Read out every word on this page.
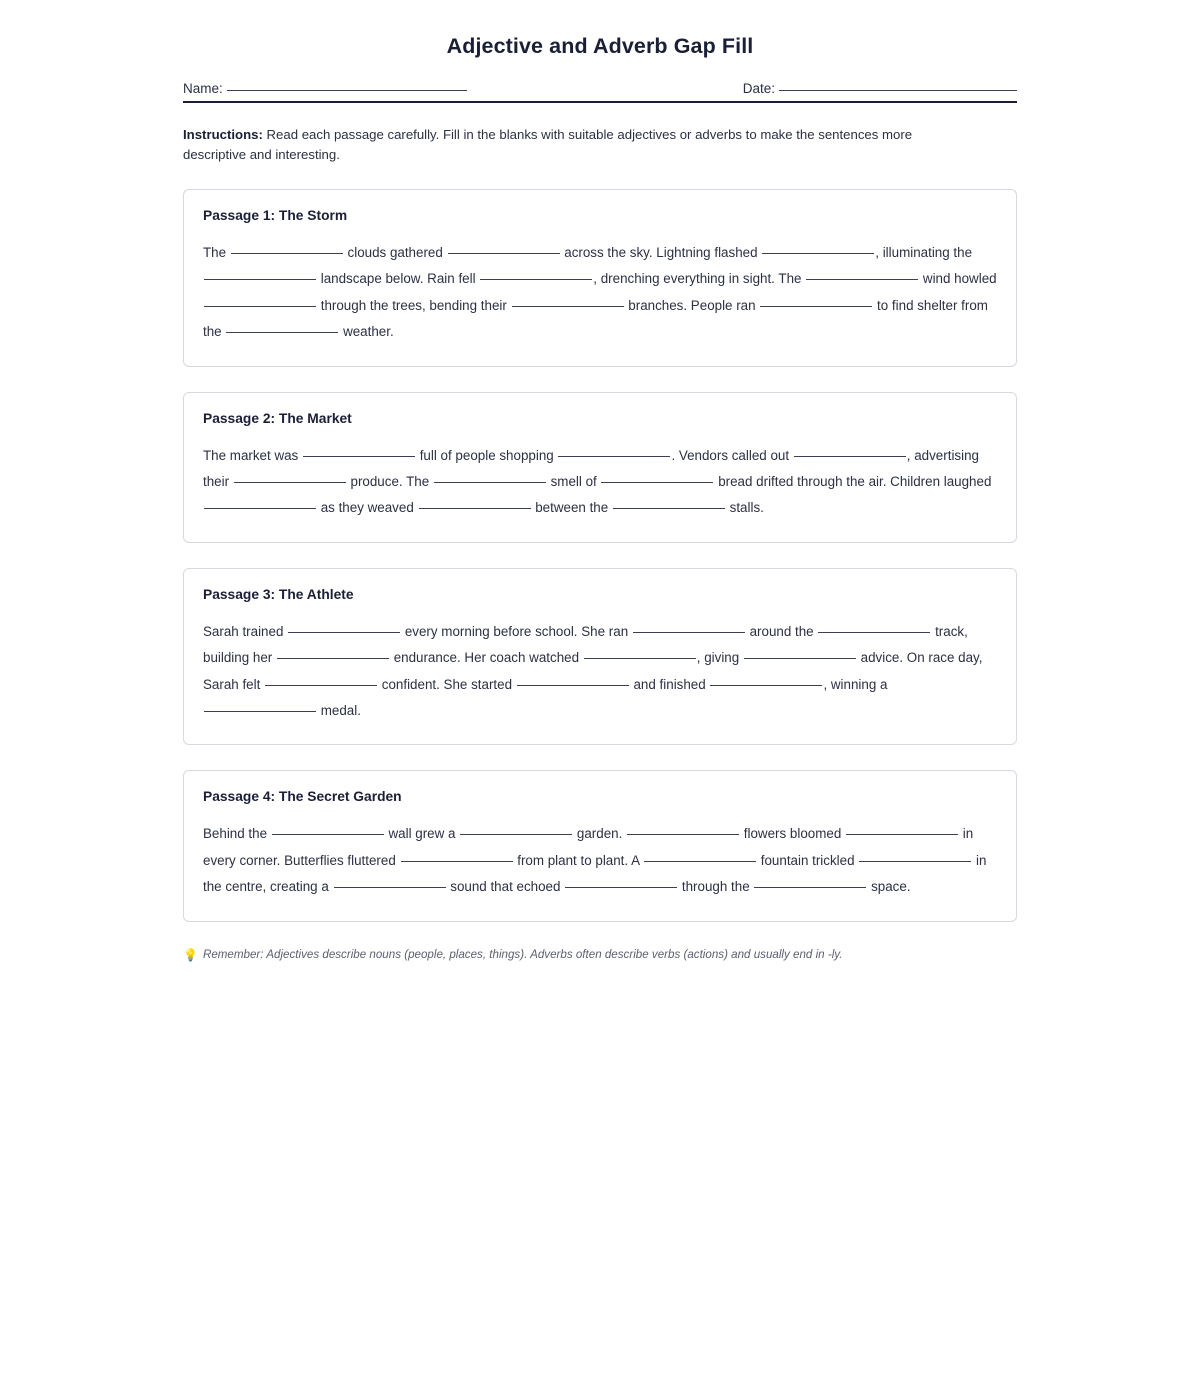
Adjective and Adverb Gap Fill
Name:	Date:

Instructions: Read each passage carefully. Fill in the blanks with suitable adjectives or adverbs to make the sentences more descriptive and interesting.

Passage 1: The Storm
The	clouds gathered	across the sky. Lightning flashed	, illuminating the  landscape below. Rain fell	, drenching everything in sight. The	wind howled  through the trees, bending their	branches. People ran	to find shelter from the	weather.
Passage 2: The Market
The market was	full of people shopping	. Vendors called out	, advertising their	produce. The	smell of	bread drifted through the air. Children laughed  as they weaved	between the	stalls.
Passage 3: The Athlete
Sarah trained	every morning before school. She ran	around the	track, building her	endurance. Her coach watched	, giving	advice. On race day, Sarah felt	confident. She started	and finished	, winning a  medal.
Passage 4: The Secret Garden
Behind the	wall grew a	garden.	flowers bloomed	in every corner. Butterflies fluttered	from plant to plant. A	fountain trickled	in the centre, creating a	sound that echoed	through the	space.
💡 Remember: Adjectives describe nouns (people, places, things). Adverbs often describe verbs (actions) and usually end in -ly.
